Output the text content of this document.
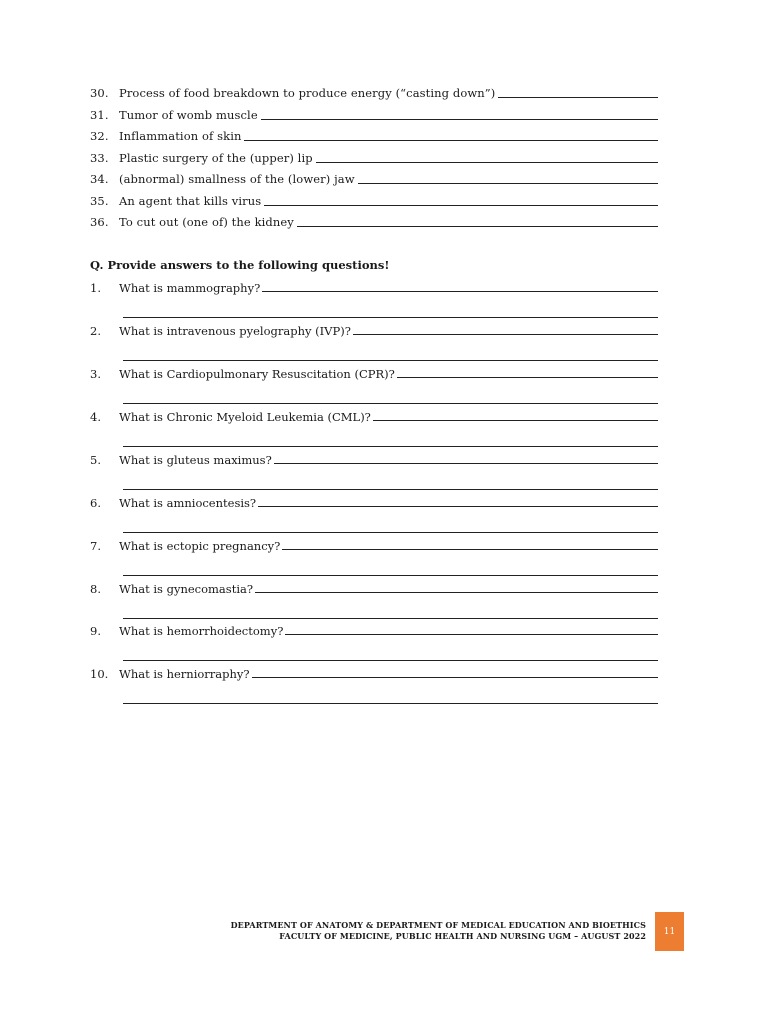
30. Process of food breakdown to produce energy (“casting down”)
31. Tumor of womb muscle
32. Inflammation of skin
33. Plastic surgery of the (upper) lip
34. (abnormal) smallness of the (lower) jaw
35. An agent that kills virus
36. To cut out (one of) the kidney
Q. Provide answers to the following questions!
1.	What is mammography?
2.	What is intravenous pyelography (IVP)?
3.	What is Cardiopulmonary Resuscitation (CPR)?
4.	What is Chronic Myeloid Leukemia (CML)?
5.	What is gluteus maximus?
6.	What is amniocentesis?
7.	What is ectopic pregnancy?
8.	What is gynecomastia?
9.	What is hemorrhoidectomy?
10. What is herniorraphy?
DEPARTMENT OF ANATOMY & DEPARTMENT OF MEDICAL EDUCATION AND BIOETHICS
FACULTY OF MEDICINE, PUBLIC HEALTH AND NURSING UGM – AUGUST 2022 11
